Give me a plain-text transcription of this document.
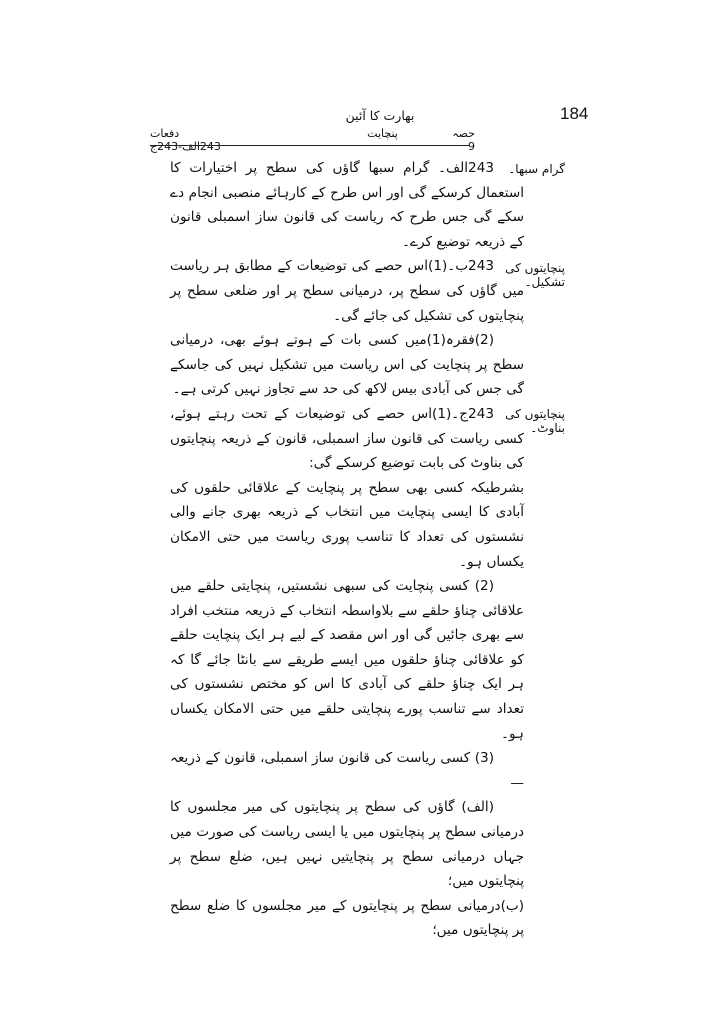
184
بھارت کا آئین
دفعات 243الف-243ج
پنچایت	حصہ 9
گرام سبھا۔
پنچایتوں کی تشکیل۔
پنچایتوں کی بناوٹ۔

243الف۔ گرام سبھا گاؤں کی سطح پر اختیارات کا استعمال کرسکے گی اور اس طرح کے کارہائے منصبی انجام دے سکے گی جس طرح کہ ریاست کی قانون ساز اسمبلی قانون کے ذریعہ توضیع کرے۔

243ب۔(1)اس حصے کی توضیعات کے مطابق ہر ریاست میں گاؤں کی سطح پر، درمیانی سطح پر اور ضلعی سطح پر پنچایتوں کی تشکیل کی جائے گی۔

(2)فقرہ(1)میں کسی بات کے ہوتے ہوئے بھی، درمیانی سطح پر پنچایت کی اس ریاست میں تشکیل نہیں کی جاسکے گی جس کی آبادی بیس لاکھ کی حد سے تجاوز نہیں کرتی ہے۔

243ج۔(1)اس حصے کی توضیعات کے تحت رہتے ہوئے، کسی ریاست کی قانون ساز اسمبلی، قانون کے ذریعہ پنچایتوں کی بناوٹ کی بابت توضیع کرسکے گی:

بشرطیکہ کسی بھی سطح پر پنچایت کے علاقائی حلقوں کی آبادی کا ایسی پنچایت میں انتخاب کے ذریعہ بھری جانے والی نشستوں کی تعداد کا تناسب پوری ریاست میں حتی الامکان یکساں ہو۔

(2) کسی پنچایت کی سبھی نشستیں، پنچایتی حلقے میں علاقائی چناؤ حلقے سے بلاواسطہ انتخاب کے ذریعہ منتخب افراد سے بھری جائیں گی اور اس مقصد کے لیے ہر ایک پنچایت حلقے کو علاقائی چناؤ حلقوں میں ایسے طریقے سے بانٹا جائے گا کہ ہر ایک چناؤ حلقے کی آبادی کا اس کو مختص نشستوں کی تعداد سے تناسب پورے پنچایتی حلقے میں حتی الامکان یکساں ہو۔

(3) کسی ریاست کی قانون ساز اسمبلی، قانون کے ذریعہ —

(الف) گاؤں کی سطح پر پنچایتوں کی میر مجلسوں کا درمیانی سطح پر پنچایتوں میں یا ایسی ریاست کی صورت میں جہاں درمیانی سطح پر پنچایتیں نہیں ہیں، ضلع سطح پر پنچایتوں میں؛

(ب)درمیانی سطح پر پنچایتوں کے میر مجلسوں کا ضلع سطح پر پنچایتوں میں؛
